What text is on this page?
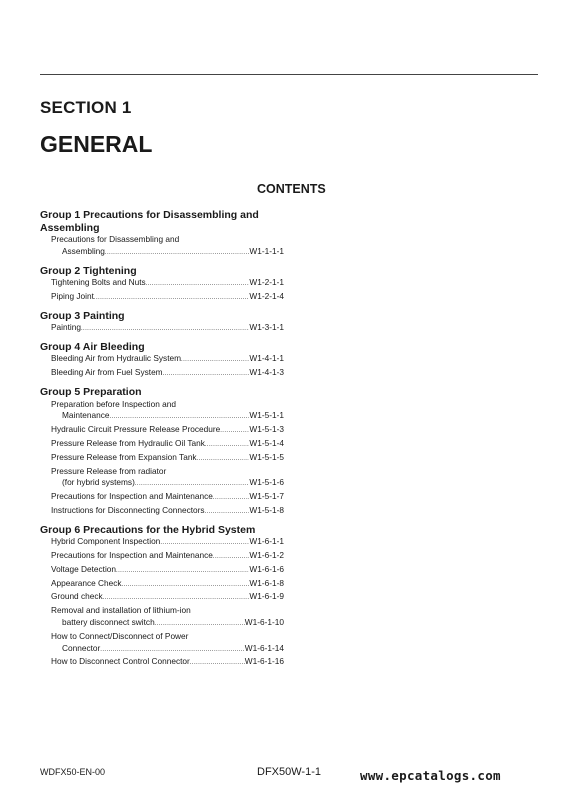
SECTION 1
GENERAL
CONTENTS
Group 1 Precautions for Disassembling and
Assembling
Precautions for Disassembling and
Assembling .....	W1-1-1-1
Group 2 Tightening
Tightening Bolts and Nuts .....	W1-2-1-1
Piping Joint .....	W1-2-1-4
Group 3 Painting
Painting .....	W1-3-1-1
Group 4 Air Bleeding
Bleeding Air from Hydraulic System .....	W1-4-1-1
Bleeding Air from Fuel System .....	W1-4-1-3
Group 5 Preparation
Preparation before Inspection and
Maintenance .....	W1-5-1-1
Hydraulic Circuit Pressure Release Procedure .....	W1-5-1-3
Pressure Release from Hydraulic Oil Tank .....	W1-5-1-4
Pressure Release from Expansion Tank .....	W1-5-1-5
Pressure Release from radiator
(for hybrid systems) .....	W1-5-1-6
Precautions for Inspection and Maintenance .....	W1-5-1-7
Instructions for Disconnecting Connectors .....	W1-5-1-8
Group 6 Precautions for the Hybrid System
Hybrid Component Inspection .....	W1-6-1-1
Precautions for Inspection and Maintenance .....	W1-6-1-2
Voltage Detection .....	W1-6-1-6
Appearance Check .....	W1-6-1-8
Ground check .....	W1-6-1-9
Removal and installation of lithium-ion
battery disconnect switch .....	W1-6-1-10
How to Connect/Disconnect of Power
Connector .....	W1-6-1-14
How to Disconnect Control Connector .....	W1-6-1-16
WDFX50-EN-00	DFX50W-1-1	www.epcatalogs.com
